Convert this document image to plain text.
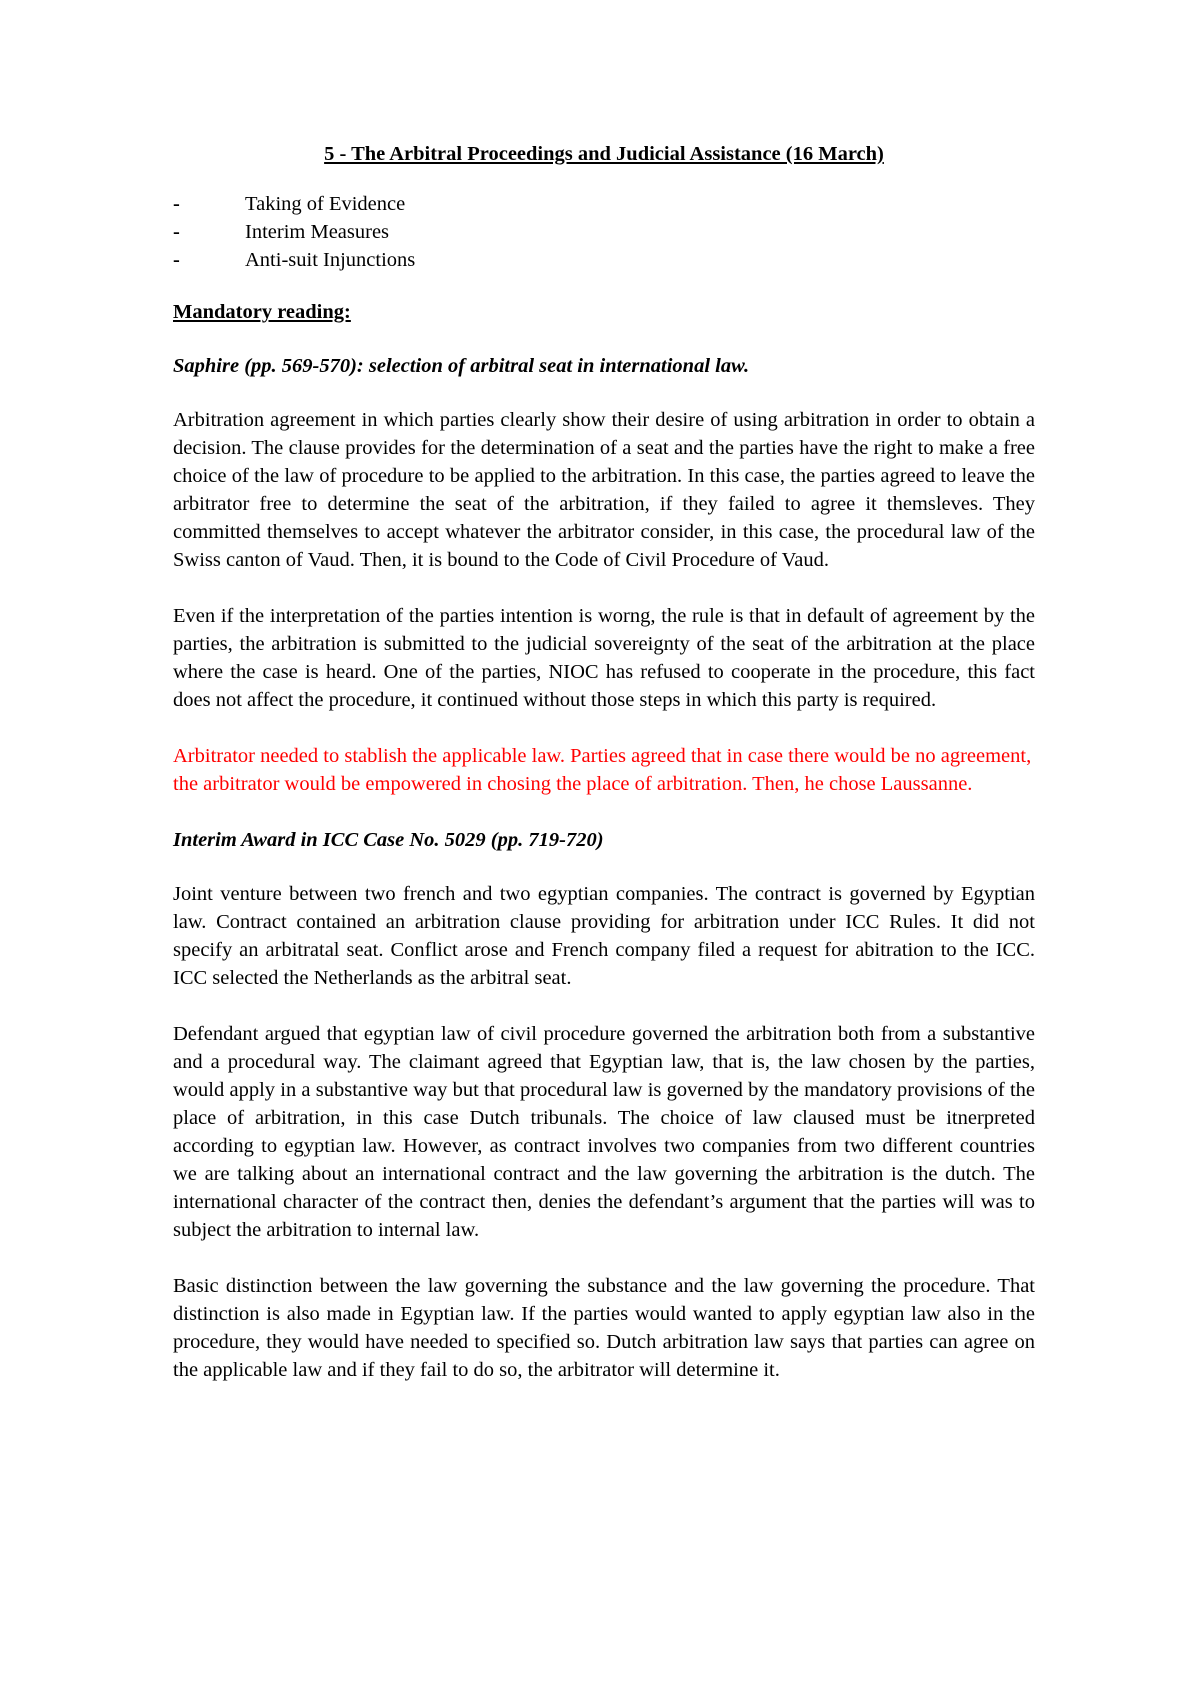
5 - The Arbitral Proceedings and Judicial Assistance (16 March)
-	Taking of Evidence
-	Interim Measures
-	Anti-suit Injunctions
Mandatory reading:
Saphire (pp. 569-570): selection of arbitral seat in international law.

Arbitration agreement in which parties clearly show their desire of using arbitration in order to obtain a decision. The clause provides for the determination of a seat and the parties have the right to make a free choice of the law of procedure to be applied to the arbitration. In this case, the parties agreed to leave the arbitrator free to determine the seat of the arbitration, if they failed to agree it themsleves. They committed themselves to accept whatever the arbitrator consider, in this case, the procedural law of the Swiss canton of Vaud. Then, it is bound to the Code of Civil Procedure of Vaud.

Even if the interpretation of the parties intention is worng, the rule is that in default of agreement by the parties, the arbitration is submitted to the judicial sovereignty of the seat of the arbitration at the place where the case is heard. One of the parties, NIOC has refused to cooperate in the procedure, this fact does not affect the procedure, it continued without those steps in which this party is required.

Arbitrator needed to stablish the applicable law. Parties agreed that in case there would be no agreement, the arbitrator would be empowered in chosing the place of arbitration. Then, he chose Laussanne.

Interim Award in ICC Case No. 5029 (pp. 719-720)

Joint venture between two french and two egyptian companies. The contract is governed by Egyptian law. Contract contained an arbitration clause providing for arbitration under ICC Rules. It did not specify an arbitratal seat. Conflict arose and French company filed a request for abitration to the ICC. ICC selected the Netherlands as the arbitral seat.

Defendant argued that egyptian law of civil procedure governed the arbitration both from a substantive and a procedural way. The claimant agreed that Egyptian law, that is, the law chosen by the parties, would apply in a substantive way but that procedural law is governed by the mandatory provisions of the place of arbitration, in this case Dutch tribunals. The choice of law claused must be itnerpreted according to egyptian law. However, as contract involves two companies from two different countries we are talking about an international contract and the law governing the arbitration is the dutch. The international character of the contract then, denies the defendant’s argument that the parties will was to subject the arbitration to internal law.

Basic distinction between the law governing the substance and the law governing the procedure. That distinction is also made in Egyptian law. If the parties would wanted to apply egyptian law also in the procedure, they would have needed to specified so. Dutch arbitration law says that parties can agree on the applicable law and if they fail to do so, the arbitrator will determine it.
